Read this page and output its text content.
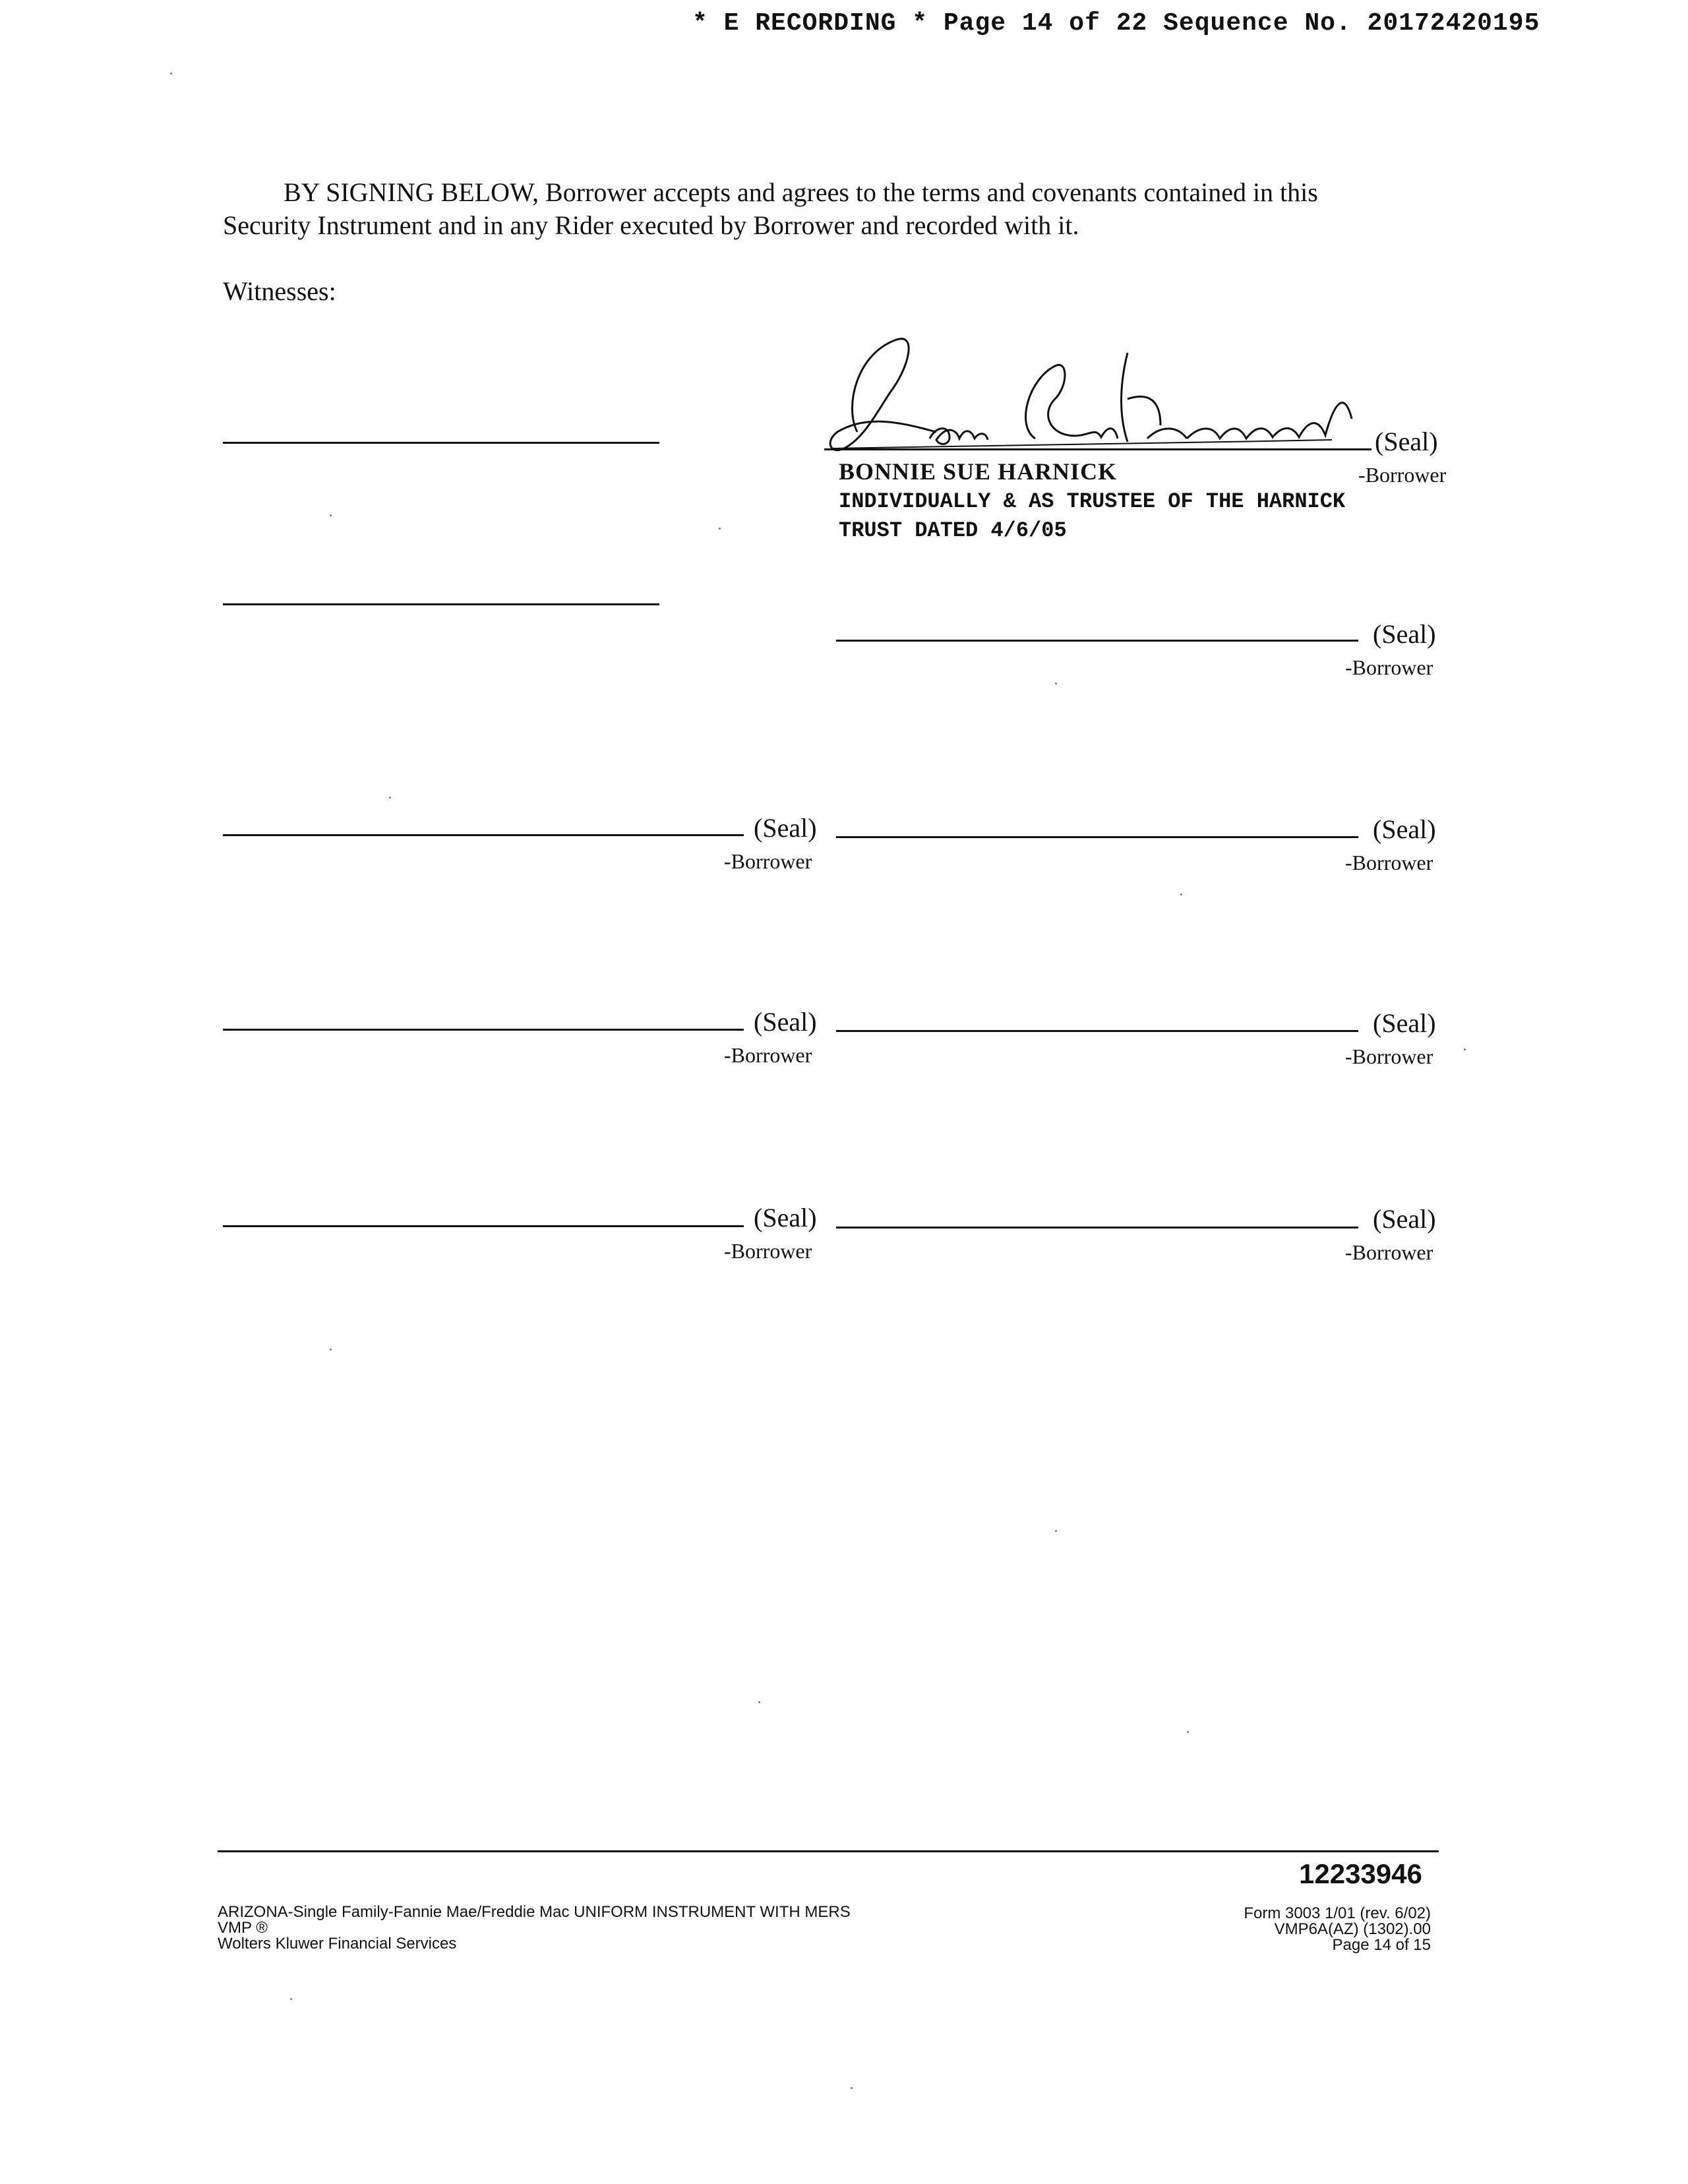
* E RECORDING * Page 14 of 22 Sequence No. 20172420195
BY SIGNING BELOW, Borrower accepts and agrees to the terms and covenants contained in this
Security Instrument and in any Rider executed by Borrower and recorded with it.
Witnesses:
(Seal)
-Borrower
BONNIE SUE HARNICK
INDIVIDUALLY & AS TRUSTEE OF THE HARNICK
TRUST DATED 4/6/05
(Seal)
-Borrower
(Seal)
-Borrower
(Seal)
-Borrower
(Seal)
-Borrower
(Seal)
-Borrower
(Seal)
-Borrower
(Seal)
-Borrower
12233946
ARIZONA-Single Family-Fannie Mae/Freddie Mac UNIFORM INSTRUMENT WITH MERS
VMP ®
Wolters Kluwer Financial Services
Form 3003 1/01 (rev. 6/02)
VMP6A(AZ) (1302).00
Page 14 of 15
